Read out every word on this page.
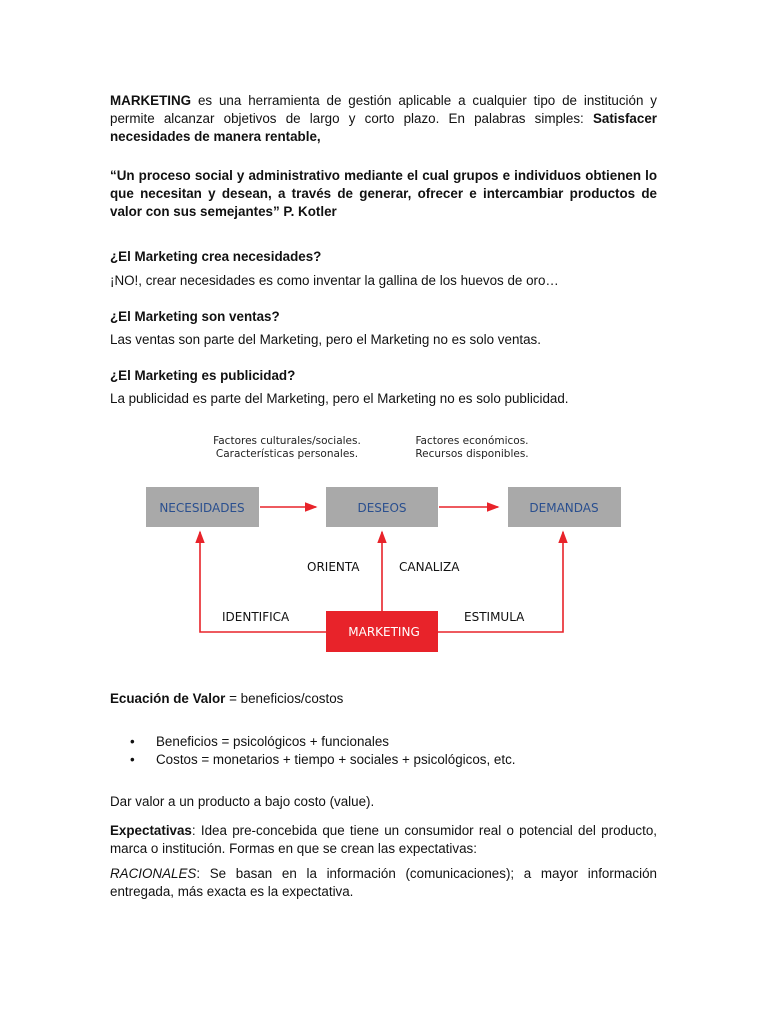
MARKETING es una herramienta de gestión aplicable a cualquier tipo de institución y permite alcanzar objetivos de largo y corto plazo. En palabras simples: Satisfacer necesidades de manera rentable,

“Un proceso social y administrativo mediante el cual grupos e individuos obtienen lo que necesitan y desean, a través de generar, ofrecer e intercambiar productos de valor con sus semejantes” P. Kotler

¿El Marketing crea necesidades?

¡NO!, crear necesidades es como inventar la gallina de los huevos de oro…

¿El Marketing son ventas?

Las ventas son parte del Marketing, pero el Marketing no es solo ventas.

¿El Marketing es publicidad?

La publicidad es parte del Marketing, pero el Marketing no es solo publicidad.

Factores culturales/sociales.
Características personales.
Factores económicos.
Recursos disponibles.
NECESIDADES	DESEOS	DEMANDAS
MARKETING
ORIENTA	CANALIZA
IDENTIFICA	ESTIMULA

Ecuación de Valor = beneficios/costos

• Beneficios = psicológicos + funcionales
• Costos = monetarios + tiempo + sociales + psicológicos, etc.

Dar valor a un producto a bajo costo (value).

Expectativas: Idea pre-concebida que tiene un consumidor real o potencial del producto, marca o institución. Formas en que se crean las expectativas:

RACIONALES: Se basan en la información (comunicaciones); a mayor información entregada, más exacta es la expectativa.
